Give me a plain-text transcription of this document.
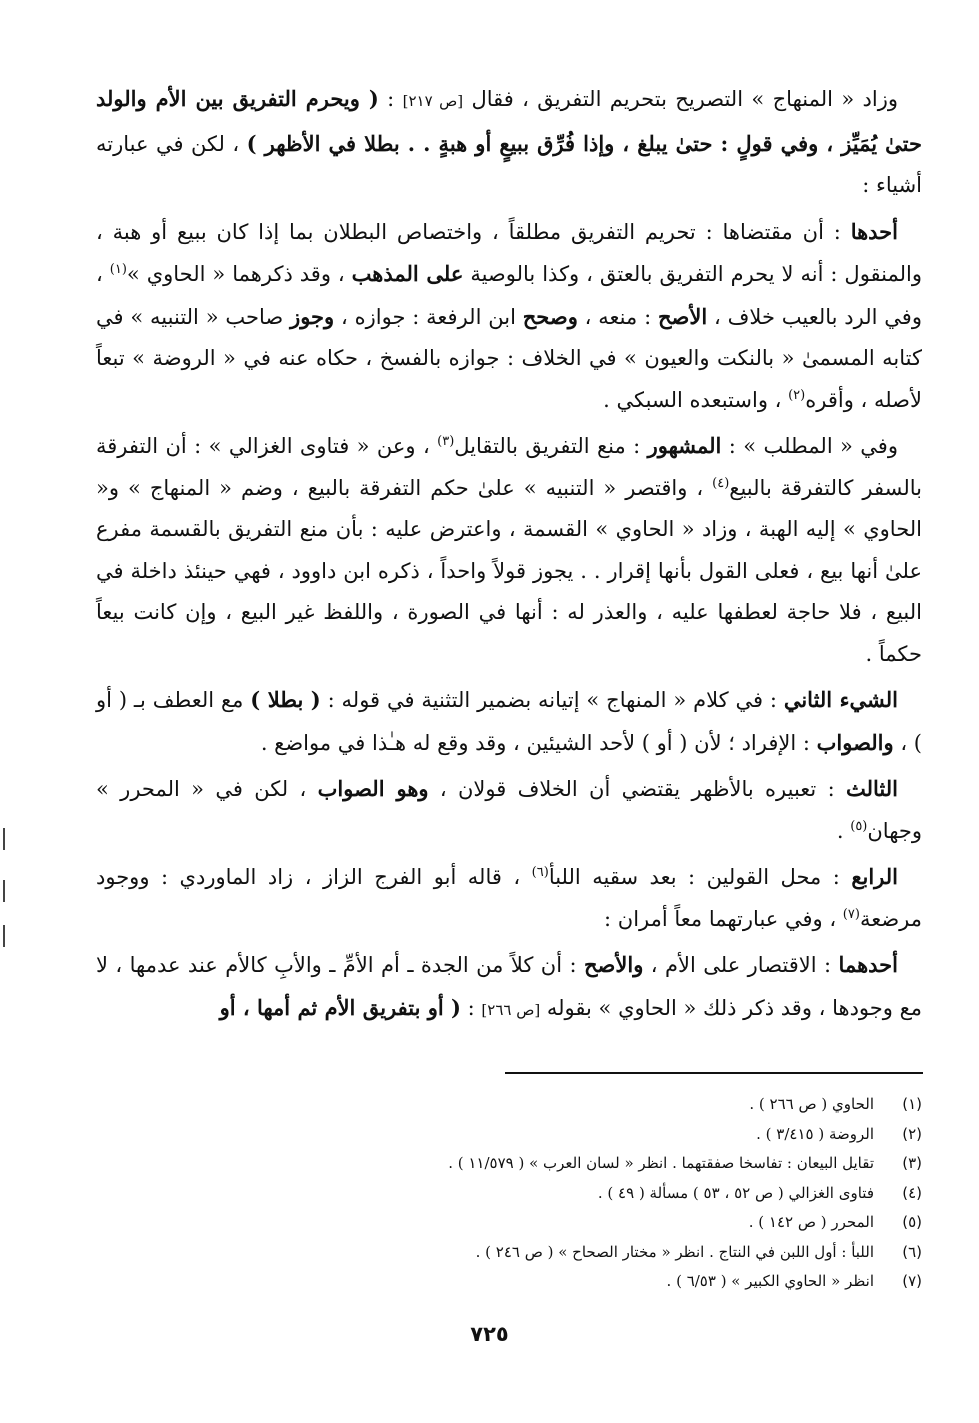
وزاد « المنهاج » التصريح بتحريم التفريق ، فقال [ص ٢١٧] : ( ويحرم التفريق بين الأم والولد حتىٰ يُمَيِّز ، وفي قولٍ : حتىٰ يبلغ ، وإذا فُرِّق ببيعٍ أو هبةٍ . . بطلا في الأظهر ) ، لكن في عبارته أشياء :

أحدها : أن مقتضاها : تحريم التفريق مطلقاً ، واختصاص البطلان بما إذا كان ببيع أو هبة ، والمنقول : أنه لا يحرم التفريق بالعتق ، وكذا بالوصية على المذهب ، وقد ذكرهما « الحاوي »$^{(١)}$ ، وفي الرد بالعيب خلاف ، الأصح : منعه ، وصحح ابن الرفعة : جوازه ، وجوز صاحب « التنبيه » في كتابه المسمىٰ « بالنكت والعيون » في الخلاف : جوازه بالفسخ ، حكاه عنه في « الروضة » تبعاً لأصله ، وأقره$^{(٢)}$ ، واستبعده السبكي .

وفي « المطلب » : المشهور : منع التفريق بالتقايل$^{(٣)}$ ، وعن « فتاوى الغزالي » : أن التفرقة بالسفر كالتفرقة بالبيع$^{(٤)}$ ، واقتصر « التنبيه » علىٰ حكم التفرقة بالبيع ، وضم « المنهاج » و« الحاوي » إليه الهبة ، وزاد « الحاوي » القسمة ، واعترض عليه : بأن منع التفريق بالقسمة مفرع علىٰ أنها بيع ، فعلى القول بأنها إقرار . . يجوز قولاً واحداً ، ذكره ابن داوود ، فهي حينئذ داخلة في البيع ، فلا حاجة لعطفها عليه ، والعذر له : أنها في الصورة ، واللفظ غير البيع ، وإن كانت بيعاً حكماً .

الشيء الثاني : في كلام « المنهاج » إتيانه بضمير التثنية في قوله : ( بطلا ) مع العطف بـ ( أو ) ، والصواب : الإفراد ؛ لأن ( أو ) لأحد الشيئين ، وقد وقع له هـٰذا في مواضع .

الثالث : تعبيره بالأظهر يقتضي أن الخلاف قولان ، وهو الصواب ، لكن في « المحرر » وجهان$^{(٥)}$ .

الرابع : محل القولين : بعد سقيه اللبأ$^{(٦)}$ ، قاله أبو الفرج الزاز ، زاد الماوردي : ووجود مرضعة$^{(٧)}$ ، وفي عبارتهما معاً أمران :

أحدهما : الاقتصار على الأم ، والأصح : أن كلاً من الجدة ـ أم الأمِّ ـ والأبِ كالأم عند عدمها ، لا مع وجودها ، وقد ذكر ذلك « الحاوي » بقوله [ص ٢٦٦] : ( أو بتفريق الأم ثم أمها ، أو

(١)
الحاوي ( ص ٢٦٦ ) .
(٢)
الروضة ( ٣/٤١٥ ) .
(٣)
تقايل البيعان : تفاسخا صفقتهما . انظر « لسان العرب » ( ١١/٥٧٩ ) .
(٤)
فتاوى الغزالي ( ص ٥٢ ، ٥٣ ) مسألة ( ٤٩ ) .
(٥)
المحرر ( ص ١٤٢ ) .
(٦)
اللبأ : أول اللبن في النتاج . انظر « مختار الصحاح » ( ص ٢٤٦ ) .
(٧)
انظر « الحاوي الكبير » ( ٦/٥٣ ) .
٧٢٥
